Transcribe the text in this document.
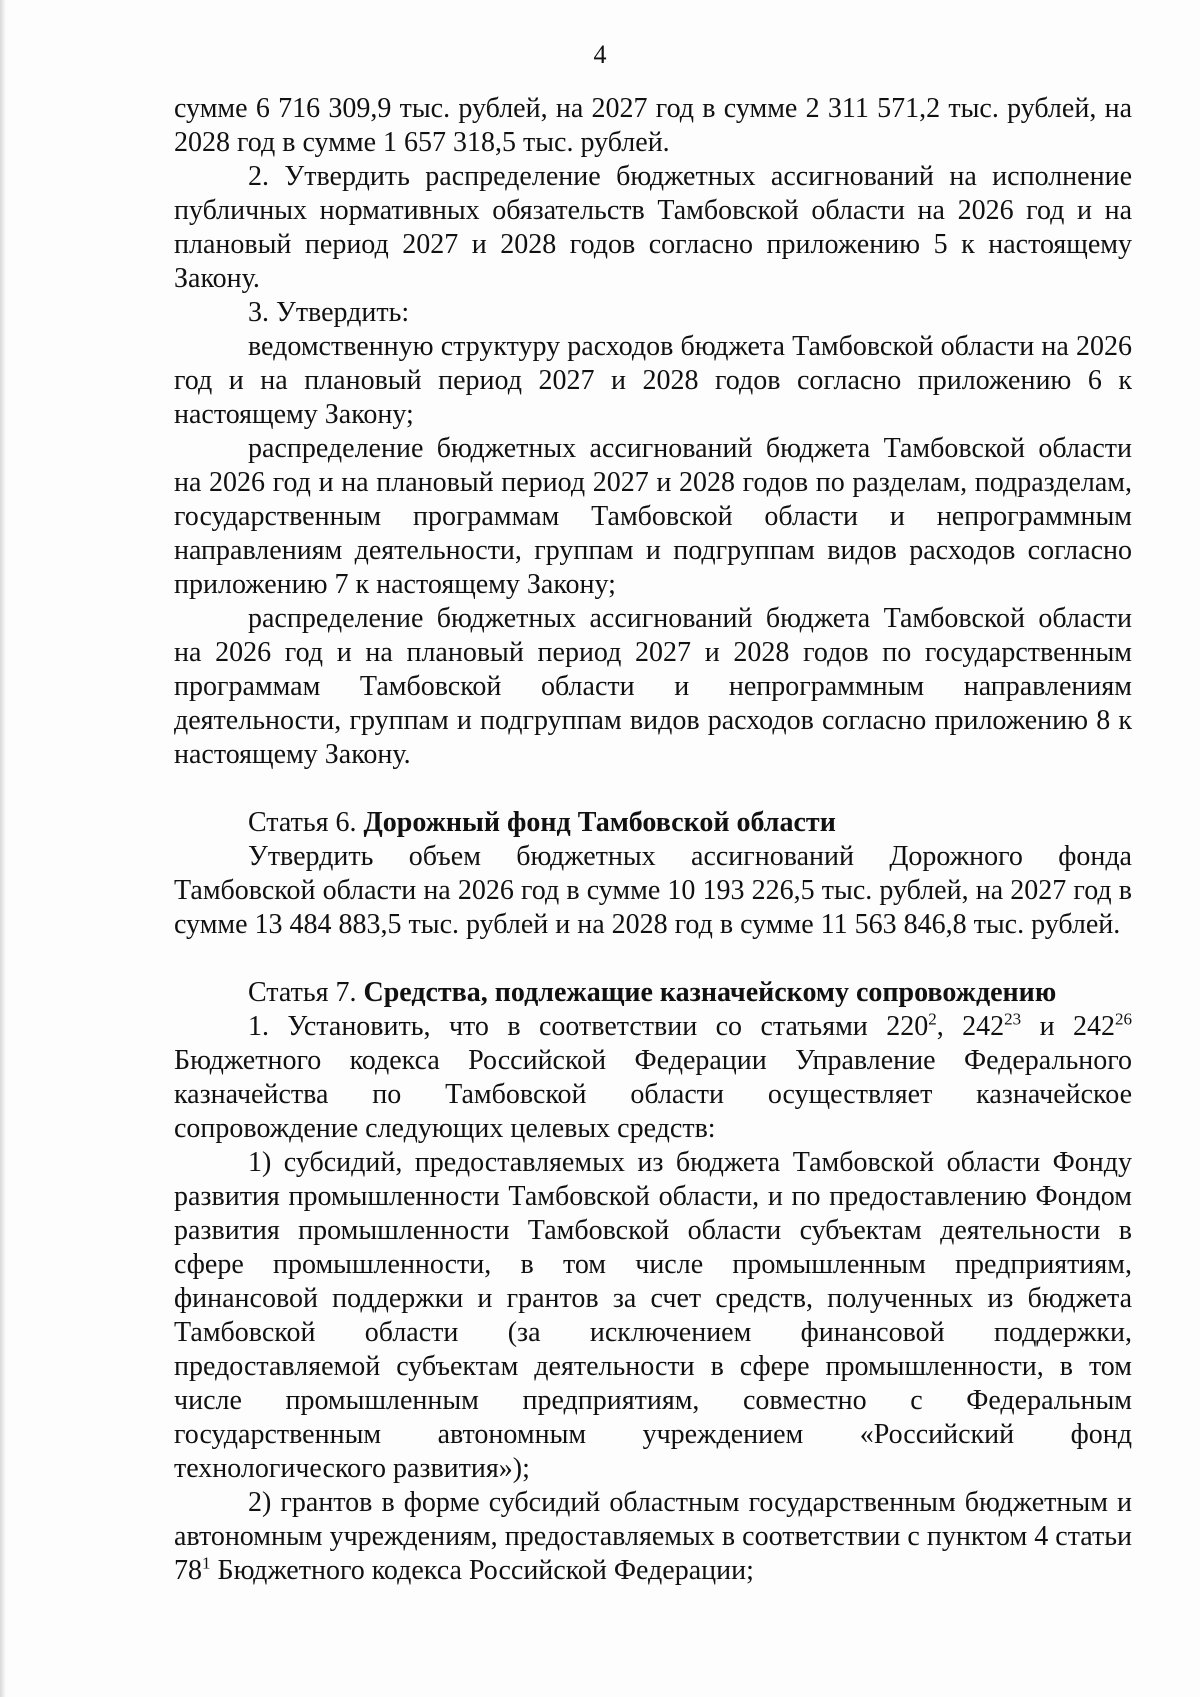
4

сумме 6 716 309,9 тыс. рублей, на 2027 год в сумме 2 311 571,2 тыс. рублей, на 2028 год в сумме 1 657 318,5 тыс. рублей.

2. Утвердить распределение бюджетных ассигнований на исполнение публичных нормативных обязательств Тамбовской области на 2026 год и на плановый период 2027 и 2028 годов согласно приложению 5 к настоящему Закону.

3. Утвердить:

ведомственную структуру расходов бюджета Тамбовской области на 2026 год и на плановый период 2027 и 2028 годов согласно приложению 6 к настоящему Закону;

распределение бюджетных ассигнований бюджета Тамбовской области на 2026 год и на плановый период 2027 и 2028 годов по разделам, подразделам, государственным программам Тамбовской области и непрограммным направлениям деятельности, группам и подгруппам видов расходов согласно приложению 7 к настоящему Закону;

распределение бюджетных ассигнований бюджета Тамбовской области на 2026 год и на плановый период 2027 и 2028 годов по государственным программам Тамбовской области и непрограммным направлениям деятельности, группам и подгруппам видов расходов согласно приложению 8 к настоящему Закону.

Статья 6. Дорожный фонд Тамбовской области

Утвердить объем бюджетных ассигнований Дорожного фонда Тамбовской области на 2026 год в сумме 10 193 226,5 тыс. рублей, на 2027 год в сумме 13 484 883,5 тыс. рублей и на 2028 год в сумме 11 563 846,8 тыс. рублей.

Статья 7. Средства, подлежащие казначейскому сопровождению

1. Установить, что в соответствии со статьями $220^2$, $242^{23}$ и $242^{26}$ Бюджетного кодекса Российской Федерации Управление Федерального казначейства по Тамбовской области осуществляет казначейское сопровождение следующих целевых средств:

1) субсидий, предоставляемых из бюджета Тамбовской области Фонду развития промышленности Тамбовской области, и по предоставлению Фондом развития промышленности Тамбовской области субъектам деятельности в сфере промышленности, в том числе промышленным предприятиям, финансовой поддержки и грантов за счет средств, полученных из бюджета Тамбовской области (за исключением финансовой поддержки, предоставляемой субъектам деятельности в сфере промышленности, в том числе промышленным предприятиям, совместно с Федеральным государственным автономным учреждением «Российский фонд технологического развития»);

2) грантов в форме субсидий областным государственным бюджетным и автономным учреждениям, предоставляемых в соответствии с пунктом 4 статьи $78^1$ Бюджетного кодекса Российской Федерации;
